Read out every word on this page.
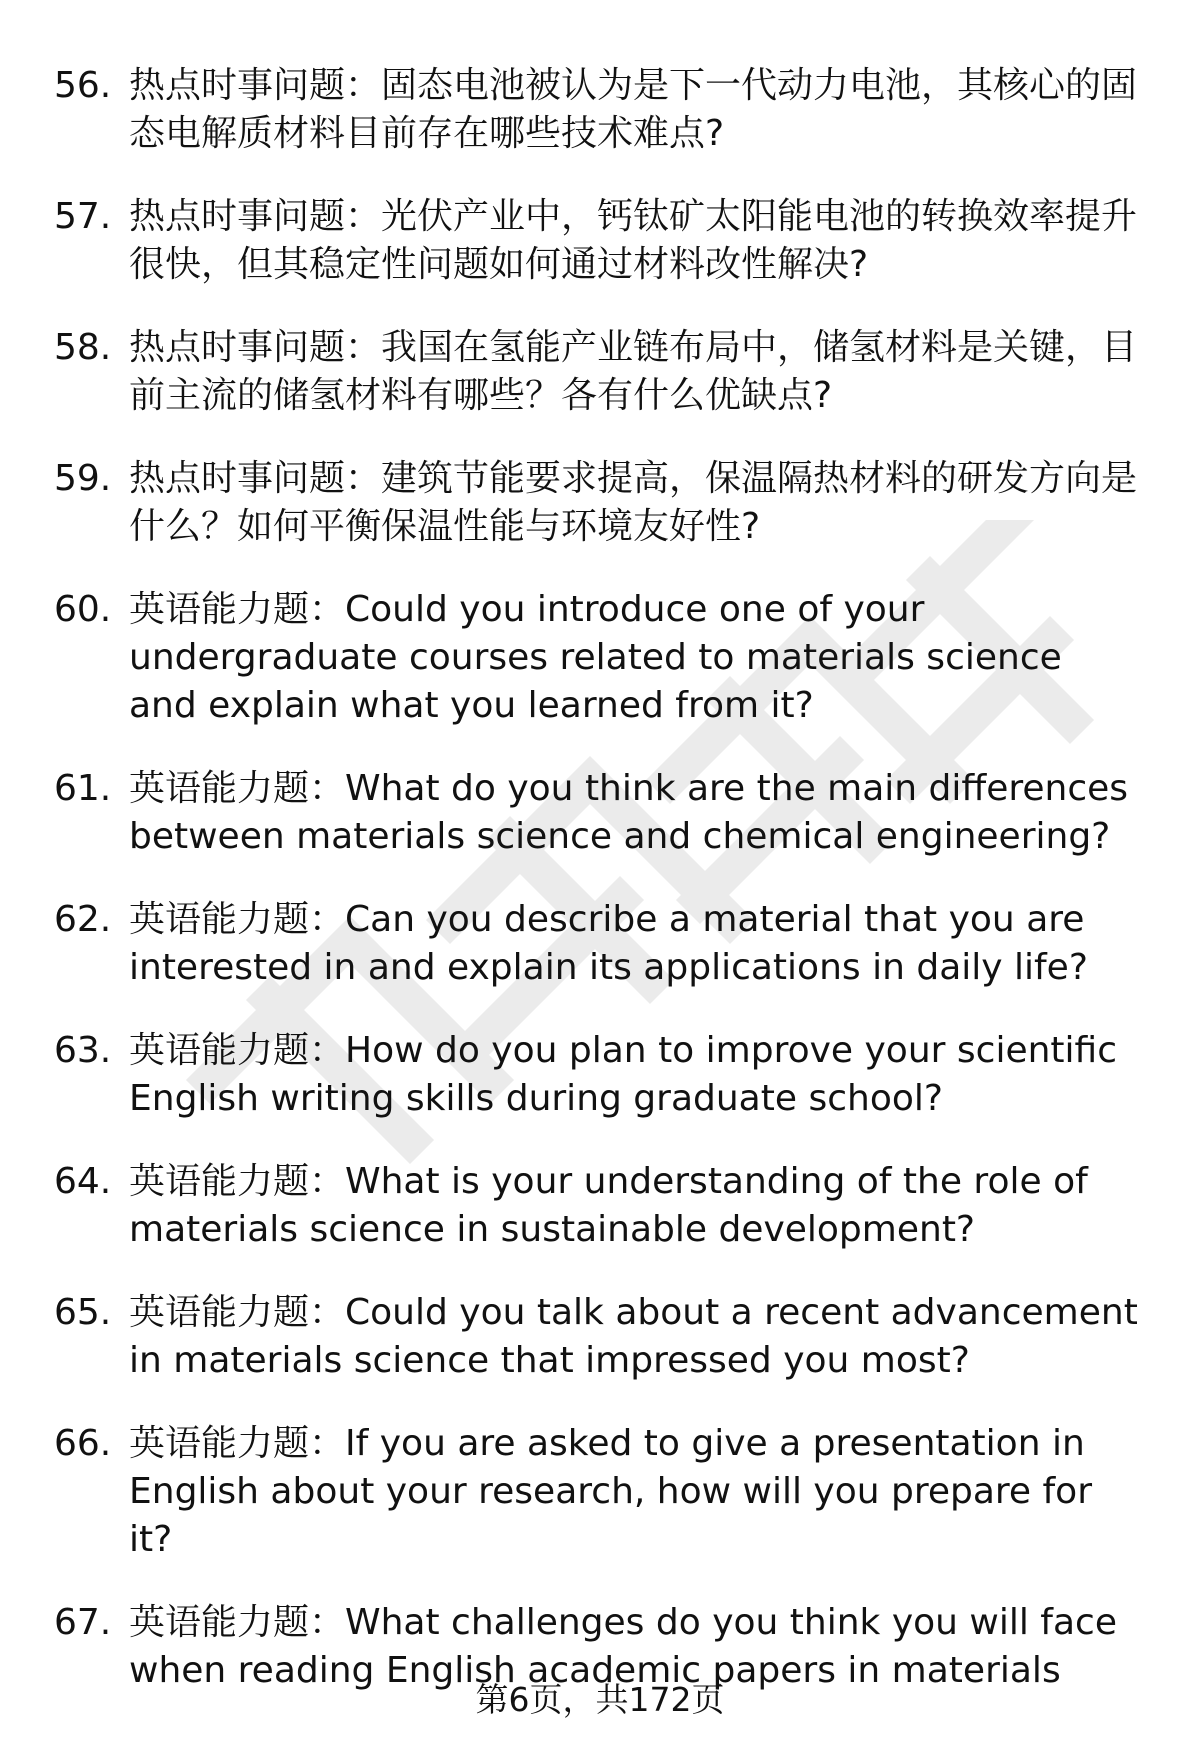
56. 热点时事问题：固态电池被认为是下一代动力电池，其核心的固态电解质材料目前存在哪些技术难点?
57. 热点时事问题：光伏产业中，钙钛矿太阳能电池的转换效率提升很快，但其稳定性问题如何通过材料改性解决?
58. 热点时事问题：我国在氢能产业链布局中，储氢材料是关键，目前主流的储氢材料有哪些？各有什么优缺点?
59. 热点时事问题：建筑节能要求提高，保温隔热材料的研发方向是什么？如何平衡保温性能与环境友好性?
60. 英语能力题：Could you introduce one of your undergraduate courses related to materials science and explain what you learned from it?
61. 英语能力题：What do you think are the main differences between materials science and chemical engineering?
62. 英语能力题：Can you describe a material that you are interested in and explain its applications in daily life?
63. 英语能力题：How do you plan to improve your scientific English writing skills during graduate school?
64. 英语能力题：What is your understanding of the role of materials science in sustainable development?
65. 英语能力题：Could you talk about a recent advancement in materials science that impressed you most?
66. 英语能力题：If you are asked to give a presentation in English about your research, how will you prepare for it?
67. 英语能力题：What challenges do you think you will face when reading English academic papers in materials
第6页，共172页
